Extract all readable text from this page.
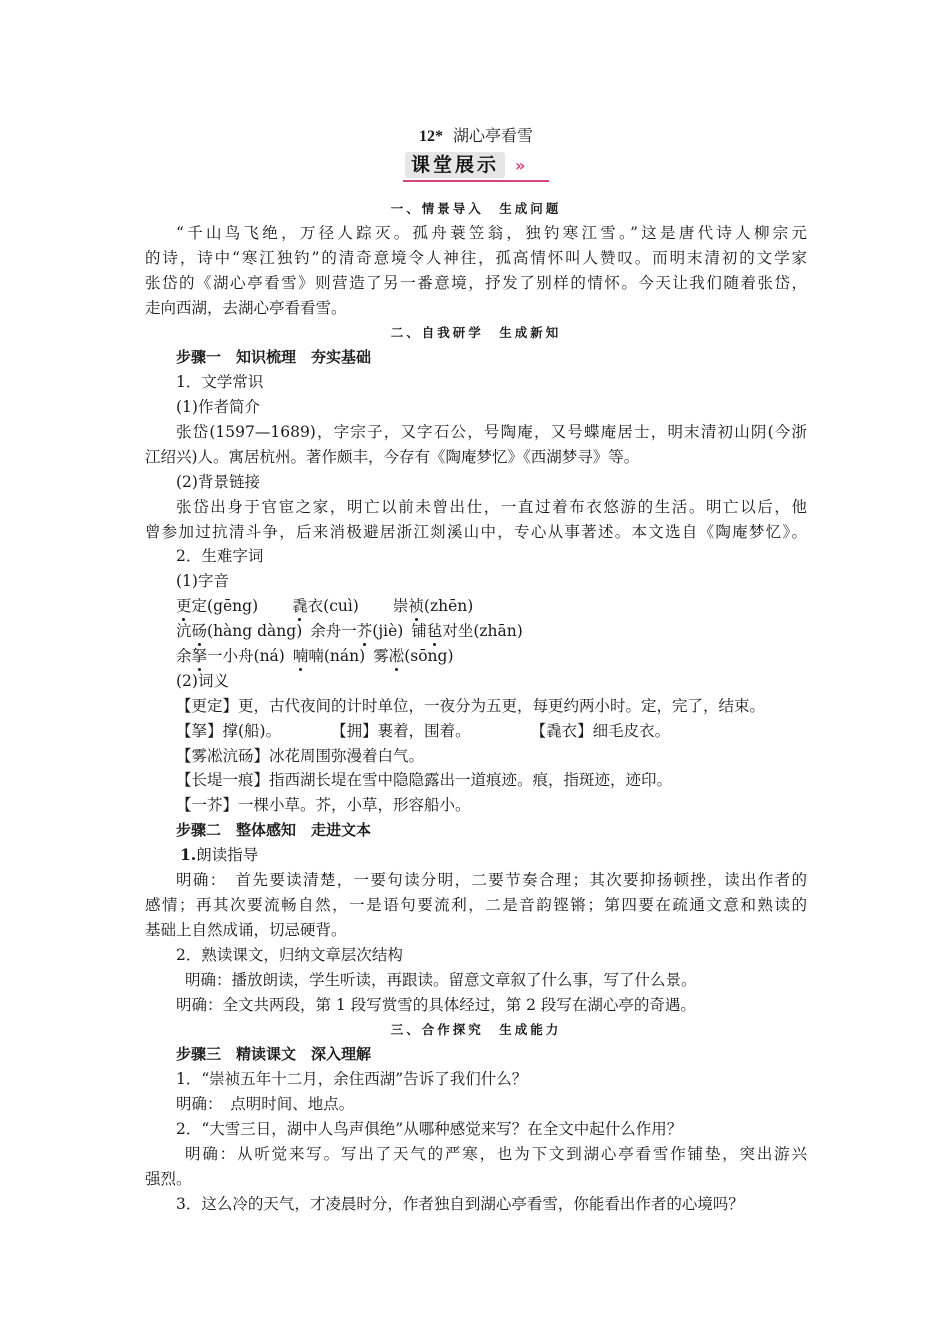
12* 湖心亭看雪
课堂展示	»
一、情景导入　生成问题
“千山鸟飞绝，万径人踪灭。孤舟蓑笠翁，独钓寒江雪。”这是唐代诗人柳宗元
的诗，诗中“寒江独钓”的清奇意境令人神往，孤高情怀叫人赞叹。而明末清初的文学家
张岱的《湖心亭看雪》则营造了另一番意境，抒发了别样的情怀。今天让我们随着张岱，
走向西湖，去湖心亭看看雪。
二、自我研学　生成新知
步骤一　知识梳理　夯实基础
1．文学常识
(1)作者简介
张岱(1597—1689)，字宗子，又字石公，号陶庵，又号蝶庵居士，明末清初山阴(今浙
江绍兴)人。寓居杭州。著作颇丰，今存有《陶庵梦忆》《西湖梦寻》等。
(2)背景链接
张岱出身于官宦之家，明亡以前未曾出仕，一直过着布衣悠游的生活。明亡以后，他
曾参加过抗清斗争，后来消极避居浙江剡溪山中，专心从事著述。本文选自《陶庵梦忆》。
2．生难字词
(1)字音
更定(gēng) 毳衣(cuì) 崇祯(zhēn)
沆砀(hàng dàng) 余舟一芥(jiè) 铺毡对坐(zhān)
余拏一小舟(ná) 喃喃(nán) 雾凇(sōng)
(2)词义
【更定】更，古代夜间的计时单位，一夜分为五更，每更约两小时。定，完了，结束。
【拏】撑(船)。	【拥】裹着，围着。	【毳衣】细毛皮衣。
【雾凇沆砀】冰花周围弥漫着白气。
【长堤一痕】指西湖长堤在雪中隐隐露出一道痕迹。痕，指斑迹，迹印。
【一芥】一棵小草。芥，小草，形容船小。
步骤二　整体感知　走进文本
1.朗读指导
明确：　首先要读清楚，一要句读分明，二要节奏合理；其次要抑扬顿挫，读出作者的
感情；再其次要流畅自然，一是语句要流利，二是音韵铿锵；第四要在疏通文意和熟读的
基础上自然成诵，切忌硬背。
2．熟读课文，归纳文章层次结构
明确：播放朗读，学生听读，再跟读。留意文章叙了什么事，写了什么景。
明确：全文共两段，第 1 段写赏雪的具体经过，第 2 段写在湖心亭的奇遇。
三、合作探究　生成能力
步骤三　精读课文　深入理解
1．“崇祯五年十二月，余住西湖”告诉了我们什么？
明确：　点明时间、地点。
2．“大雪三日，湖中人鸟声俱绝”从哪种感觉来写？在全文中起什么作用？
明确：从听觉来写。写出了天气的严寒，也为下文到湖心亭看雪作铺垫，突出游兴
强烈。
3．这么冷的天气，才凌晨时分，作者独自到湖心亭看雪，你能看出作者的心境吗？
